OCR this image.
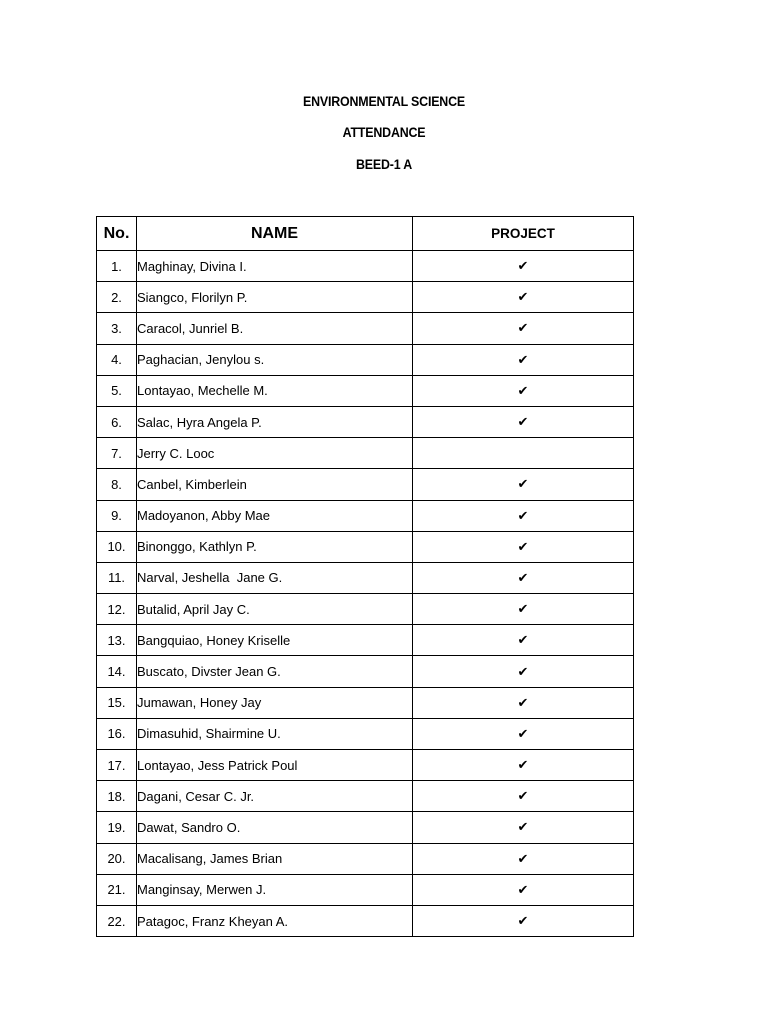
ENVIRONMENTAL SCIENCE
ATTENDANCE
BEED-1 A
No.	NAME	PROJECT
1.	Maghinay, Divina I.	✔
2.	Siangco, Florilyn P.	✔
3.	Caracol, Junriel B.	✔
4.	Paghacian, Jenylou s.	✔
5.	Lontayao, Mechelle M.	✔
6.	Salac, Hyra Angela P.	✔
7.	Jerry C. Looc	
8.	Canbel, Kimberlein	✔
9.	Madoyanon, Abby Mae	✔
10.	Binonggo, Kathlyn P.	✔
11.	Narval, Jeshella  Jane G.	✔
12.	Butalid, April Jay C.	✔
13.	Bangquiao, Honey Kriselle	✔
14.	Buscato, Divster Jean G.	✔
15.	Jumawan, Honey Jay	✔
16.	Dimasuhid, Shairmine U.	✔
17.	Lontayao, Jess Patrick Poul	✔
18.	Dagani, Cesar C. Jr.	✔
19.	Dawat, Sandro O.	✔
20.	Macalisang, James Brian	✔
21.	Manginsay, Merwen J.	✔
22.	Patagoc, Franz Kheyan A.	✔
